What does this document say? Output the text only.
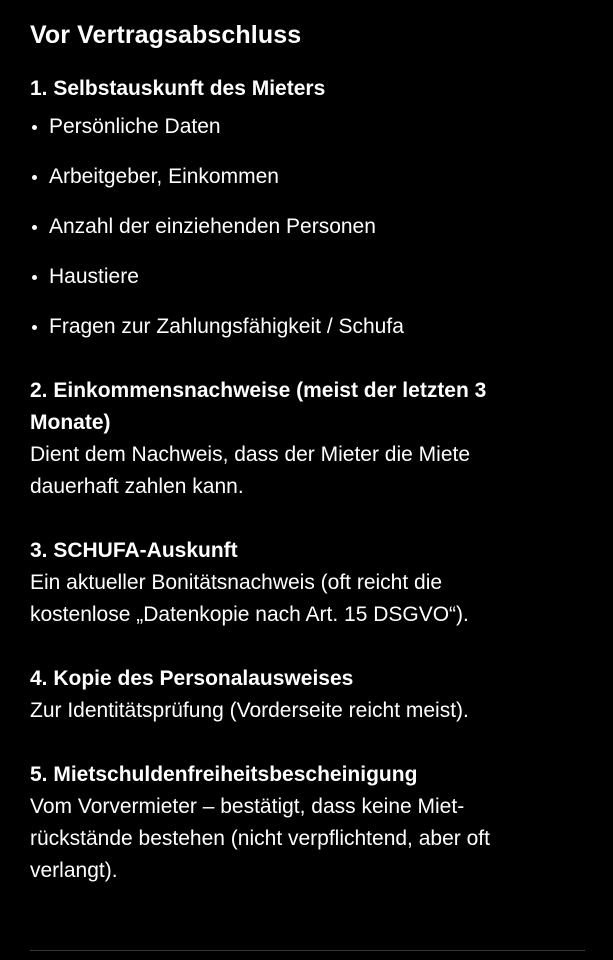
Vor Vertragsabschluss
1. Selbstauskunft des Mieters
Persönliche Daten
Arbeitgeber, Einkommen
Anzahl der einziehenden Personen
Haustiere
Fragen zur Zahlungsfähigkeit / Schufa
2. Einkommensnachweise (meist der letzten 3
Monate)
Dient dem Nachweis, dass der Mieter die Miete
dauerhaft zahlen kann.
3. SCHUFA-Auskunft
Ein aktueller Bonitätsnachweis (oft reicht die
kostenlose „Datenkopie nach Art. 15 DSGVO“).
4. Kopie des Personalausweises
Zur Identitätsprüfung (Vorderseite reicht meist).
5. Mietschuldenfreiheitsbescheinigung
Vom Vorvermieter – bestätigt, dass keine Miet-
rückstände bestehen (nicht verpflichtend, aber oft
verlangt).
